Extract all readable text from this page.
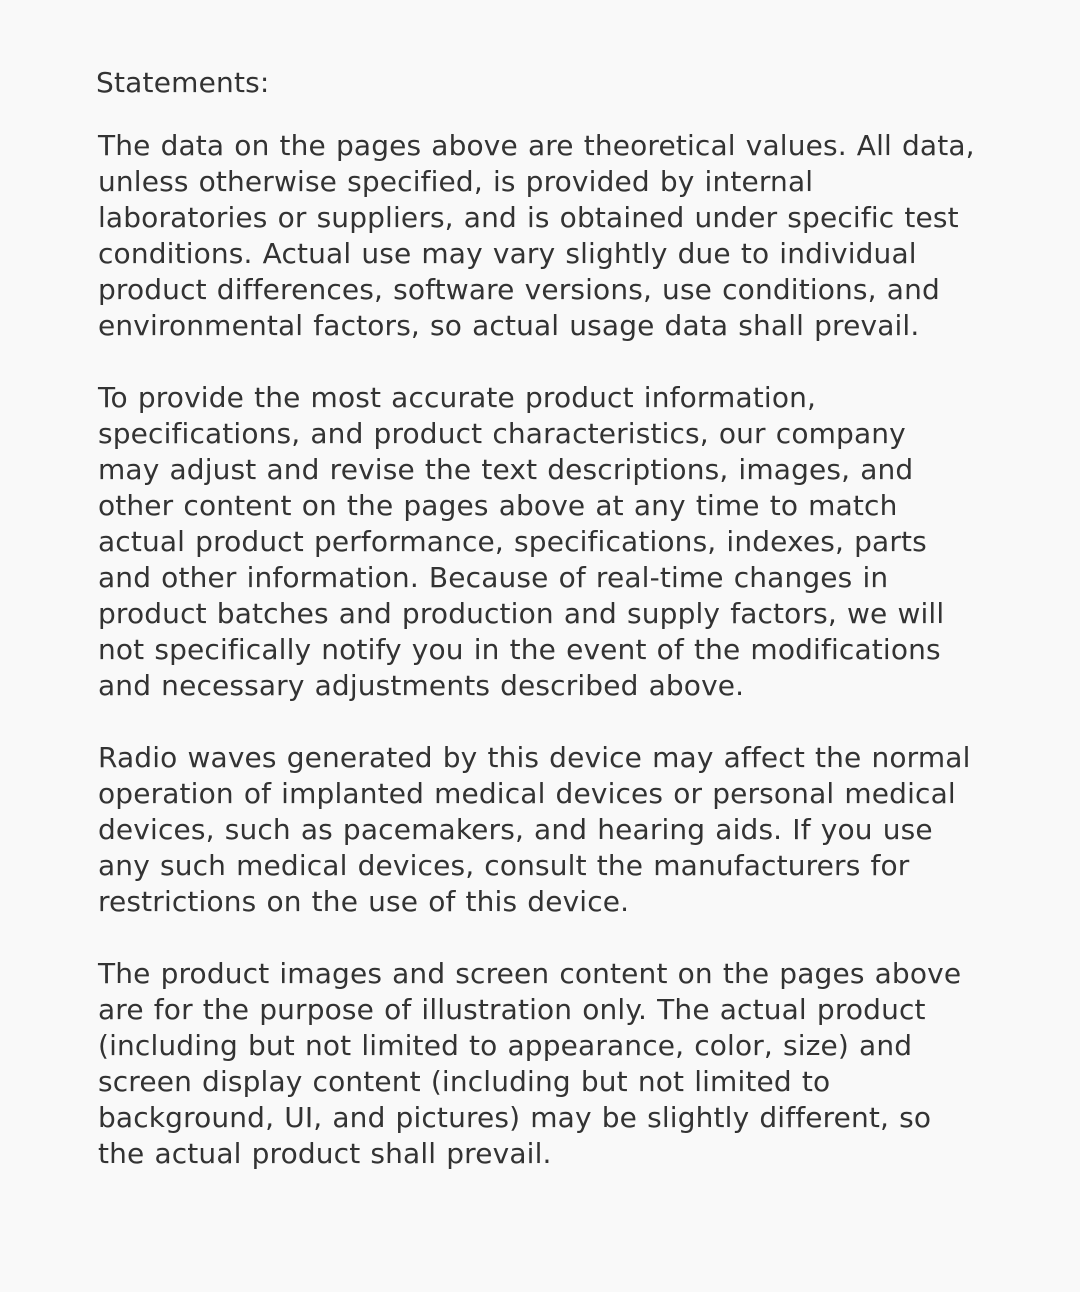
Statements:

The data on the pages above are theoretical values. All data,
unless otherwise specified, is provided by internal
laboratories or suppliers, and is obtained under specific test
conditions. Actual use may vary slightly due to individual
product differences, software versions, use conditions, and
environmental factors, so actual usage data shall prevail.

To provide the most accurate product information,
specifications, and product characteristics, our company
may adjust and revise the text descriptions, images, and
other content on the pages above at any time to match
actual product performance, specifications, indexes, parts
and other information. Because of real-time changes in
product batches and production and supply factors, we will
not specifically notify you in the event of the modifications
and necessary adjustments described above.

Radio waves generated by this device may affect the normal
operation of implanted medical devices or personal medical
devices, such as pacemakers, and hearing aids. If you use
any such medical devices, consult the manufacturers for
restrictions on the use of this device.

The product images and screen content on the pages above
are for the purpose of illustration only. The actual product
(including but not limited to appearance, color, size) and
screen display content (including but not limited to
background, UI, and pictures) may be slightly different, so
the actual product shall prevail.
